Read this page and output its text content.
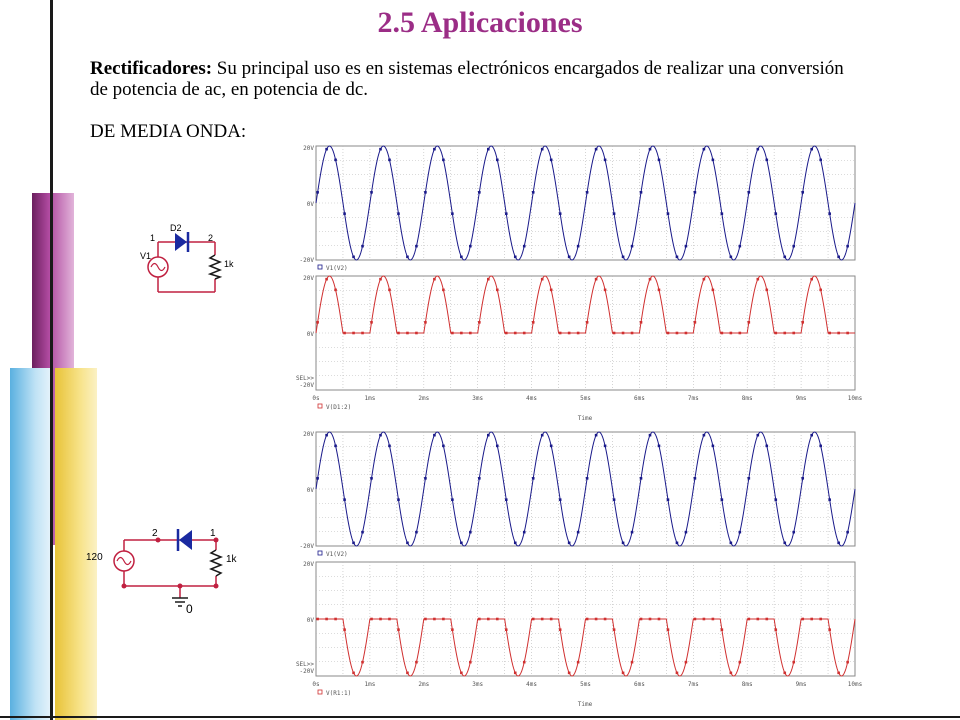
2.5 Aplicaciones
Rectificadores: Su principal uso es en sistemas electrónicos encargados de realizar una conversión de potencia de ac, en potencia de dc.
DE MEDIA ONDA:
D2
V1
1k
1	2
120	1k
2	1
0
20V
0V
-20V
V1(V2)
20V
0V
SEL>>
-20V
0s	1ms	2ms	3ms	4ms	5ms	6ms	7ms	8ms	9ms	10ms
V(D1:2)
Time
20V
0V
-20V
V1(V2)
20V
0V
SEL>>
-20V
0s	1ms	2ms	3ms	4ms	5ms	6ms	7ms	8ms	9ms	10ms
V(R1:1)
Time
